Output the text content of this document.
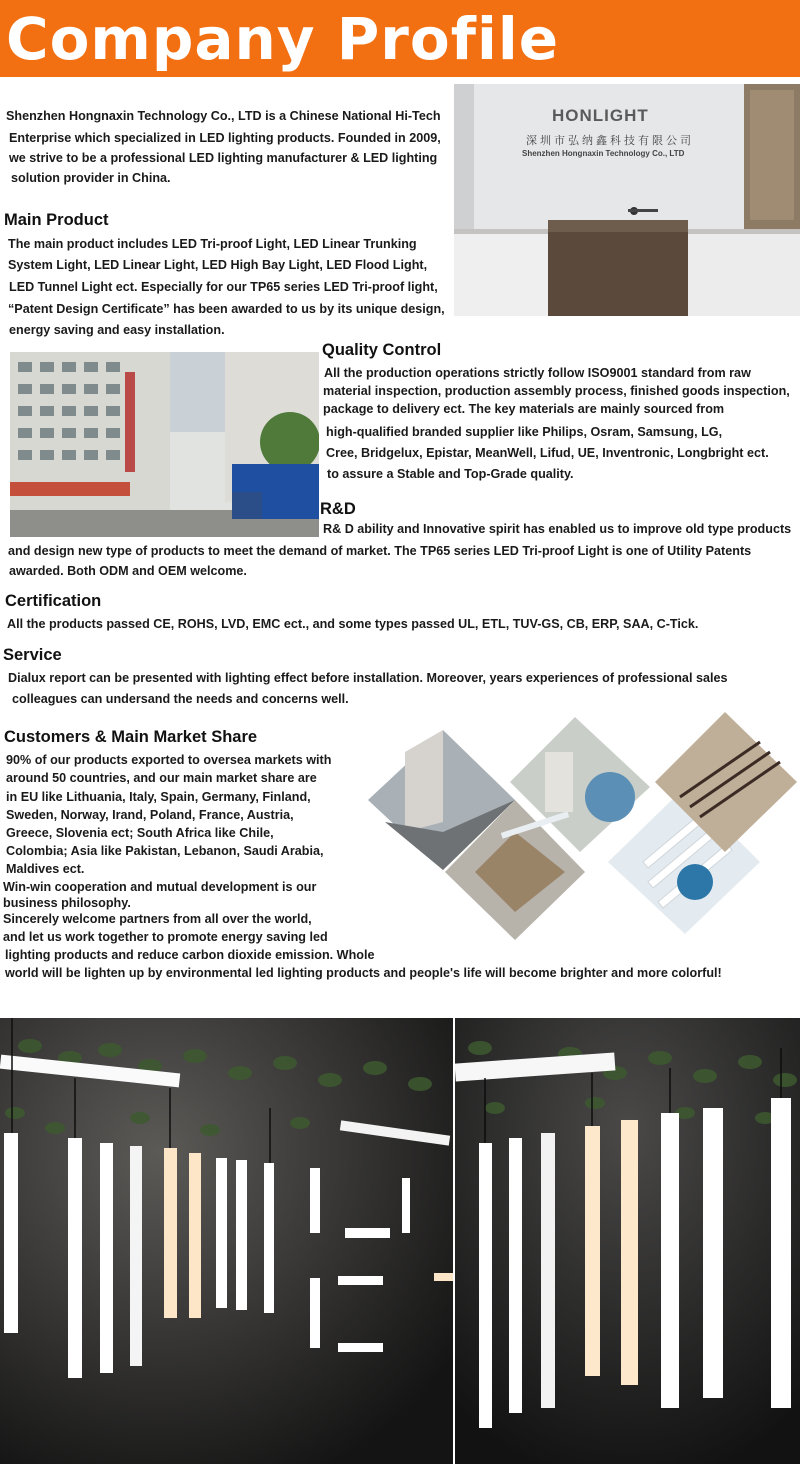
Company Profile
Shenzhen Hongnaxin Technology Co., LTD is a Chinese National Hi-Tech
Enterprise which specialized in LED lighting products. Founded in 2009,
we strive to be a professional LED lighting manufacturer & LED lighting
solution provider in China.
HONLIGHT
深圳市弘纳鑫科技有限公司
Shenzhen Hongnaxin Technology Co., LTD
Main Product
The main product includes LED Tri-proof Light, LED Linear Trunking
System Light, LED Linear Light, LED High Bay Light, LED Flood Light,
LED Tunnel Light ect. Especially for our TP65 series LED Tri-proof light,
“Patent Design Certificate” has been awarded to us by its unique design,
energy saving and easy installation.
Quality Control
All the production operations strictly follow ISO9001 standard from raw
material inspection, production assembly process, finished goods inspection,
package to delivery ect. The key materials are mainly sourced from
high-qualified branded supplier like Philips, Osram, Samsung, LG,
Cree, Bridgelux, Epistar, MeanWell, Lifud, UE, Inventronic, Longbright ect.
to assure a Stable and Top-Grade quality.
R&D
R& D ability and Innovative spirit has enabled us to improve old type products
and design new type of products to meet the demand of market. The TP65 series LED Tri-proof Light is one of Utility Patents
awarded. Both ODM and OEM welcome.
Certification
All the products passed CE, ROHS, LVD, EMC ect., and some types passed UL, ETL, TUV-GS, CB, ERP, SAA, C-Tick.
Service
Dialux report can be presented with lighting effect before installation. Moreover, years experiences of professional sales
colleagues can undersand the needs and concerns well.
Customers & Main Market Share
90% of our products exported to oversea markets with
around 50 countries, and our main market share are
in EU like Lithuania, Italy, Spain, Germany, Finland,
Sweden, Norway, Irand, Poland, France, Austria,
Greece, Slovenia ect; South Africa like Chile,
Colombia; Asia like Pakistan, Lebanon, Saudi Arabia,
Maldives ect.
Win-win cooperation and mutual development is our
business philosophy.
Sincerely welcome partners from all over the world,
and let us work together to promote energy saving led
lighting products and reduce carbon dioxide emission. Whole
world will be lighten up by environmental led lighting products and people's life will become brighter and more colorful!
